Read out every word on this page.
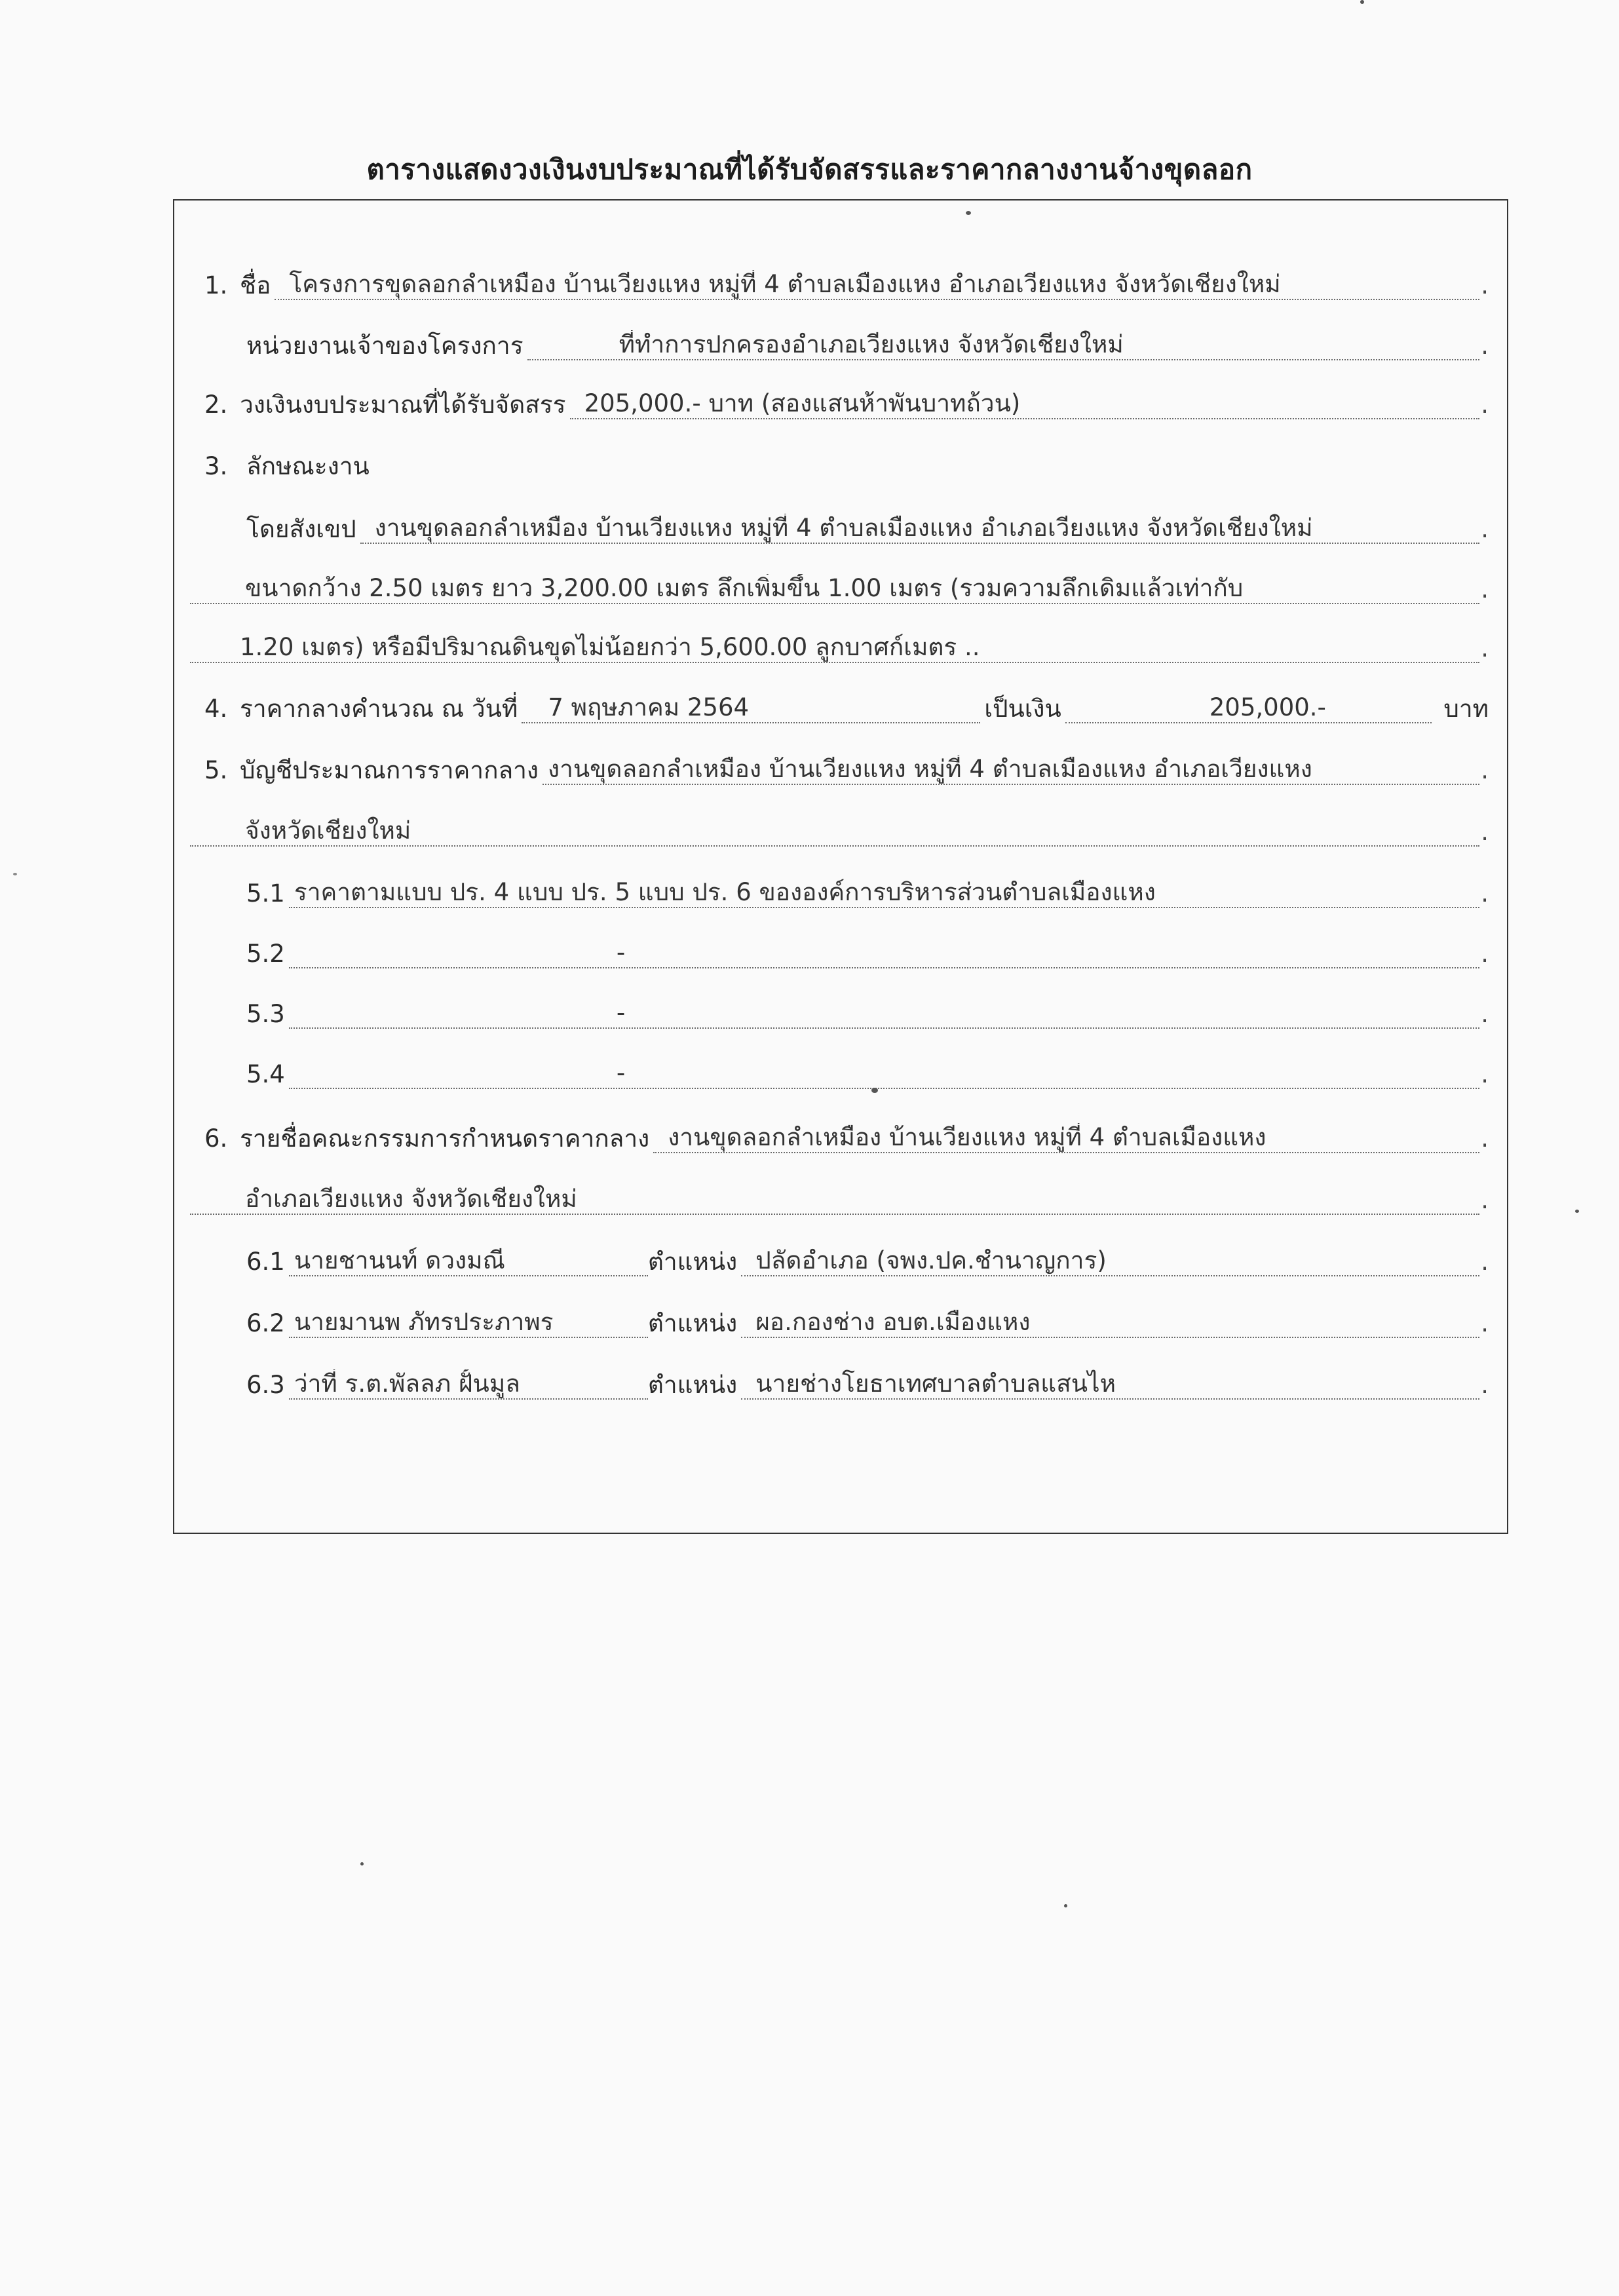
ตารางแสดงวงเงินงบประมาณที่ได้รับจัดสรรและราคากลางงานจ้างขุดลอก
1. ชื่อ โครงการขุดลอกลำเหมือง บ้านเวียงแหง หมู่ที่ 4 ตำบลเมืองแหง อำเภอเวียงแหง จังหวัดเชียงใหม่	.
หน่วยงานเจ้าของโครงการ	ที่ทำการปกครองอำเภอเวียงแหง จังหวัดเชียงใหม่	.
2. วงเงินงบประมาณที่ได้รับจัดสรร 205,000.- บาท (สองแสนห้าพันบาทถ้วน)	.
3. ลักษณะงาน
โดยสังเขป งานขุดลอกลำเหมือง บ้านเวียงแหง หมู่ที่ 4 ตำบลเมืองแหง อำเภอเวียงแหง จังหวัดเชียงใหม่	.
ขนาดกว้าง 2.50 เมตร ยาว 3,200.00 เมตร ลึกเพิ่มขึ้น 1.00 เมตร (รวมความลึกเดิมแล้วเท่ากับ	.
1.20 เมตร) หรือมีปริมาณดินขุดไม่น้อยกว่า 5,600.00 ลูกบาศก์เมตร ..	.
4. ราคากลางคำนวณ ณ วันที่	7 พฤษภาคม 2564	เป็นเงิน	205,000.-	บาท
5. บัญชีประมาณการราคากลาง งานขุดลอกลำเหมือง บ้านเวียงแหง หมู่ที่ 4 ตำบลเมืองแหง อำเภอเวียงแหง	.
จังหวัดเชียงใหม่	.
5.1 ราคาตามแบบ ปร. 4 แบบ ปร. 5 แบบ ปร. 6 ขององค์การบริหารส่วนตำบลเมืองแหง	.
5.2	-	.
5.3	-	.
5.4	-	.
6. รายชื่อคณะกรรมการกำหนดราคากลาง งานขุดลอกลำเหมือง บ้านเวียงแหง หมู่ที่ 4 ตำบลเมืองแหง	.
อำเภอเวียงแหง จังหวัดเชียงใหม่	.
6.1 นายชานนท์ ดวงมณี	ตำแหน่ง ปลัดอำเภอ (จพง.ปค.ชำนาญการ)	.
6.2 นายมานพ ภัทรประภาพร	ตำแหน่ง ผอ.กองช่าง อบต.เมืองแหง	.
6.3 ว่าที่ ร.ต.พัลลภ ฝั้นมูล	ตำแหน่ง นายช่างโยธาเทศบาลตำบลแสนไห	.
